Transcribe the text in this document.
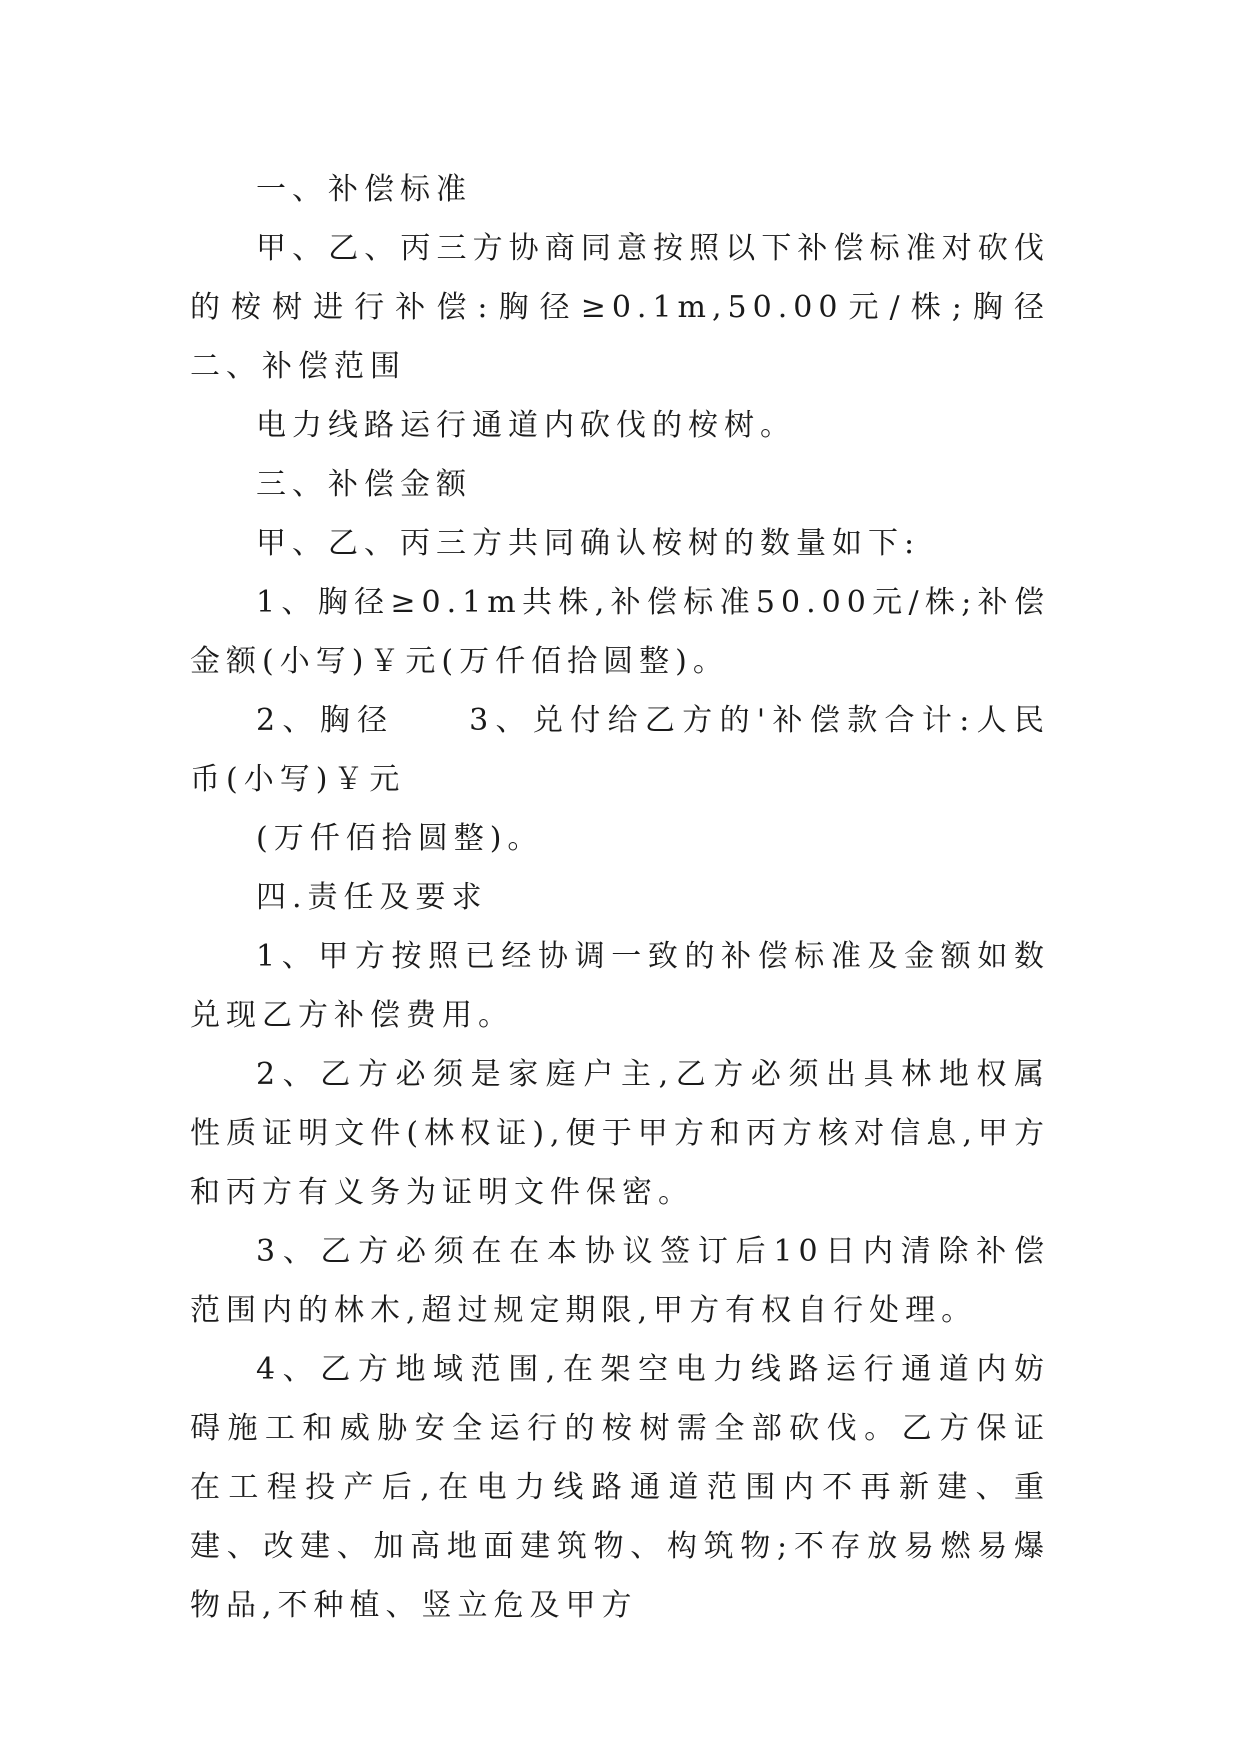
一、补偿标准

甲、乙、丙三方协商同意按照以下补偿标准对砍伐的桉树进行补偿:胸径≥0.1m,50.00元/株;胸径　　二、补偿范围

电力线路运行通道内砍伐的桉树。

三、补偿金额

甲、乙、丙三方共同确认桉树的数量如下:

1、胸径≥0.1m共株,补偿标准50.00元/株;补偿金额(小写)￥元(万仟佰拾圆整)。

2、胸径　　3、兑付给乙方的'补偿款合计:人民币(小写)￥元

(万仟佰拾圆整)。

四.责任及要求

1、甲方按照已经协调一致的补偿标准及金额如数兑现乙方补偿费用。

2、乙方必须是家庭户主,乙方必须出具林地权属性质证明文件(林权证),便于甲方和丙方核对信息,甲方和丙方有义务为证明文件保密。

3、乙方必须在在本协议签订后10日内清除补偿范围内的林木,超过规定期限,甲方有权自行处理。

4、乙方地域范围,在架空电力线路运行通道内妨碍施工和威胁安全运行的桉树需全部砍伐。乙方保证在工程投产后,在电力线路通道范围内不再新建、重建、改建、加高地面建筑物、构筑物;不存放易燃易爆物品,不种植、竖立危及甲方
